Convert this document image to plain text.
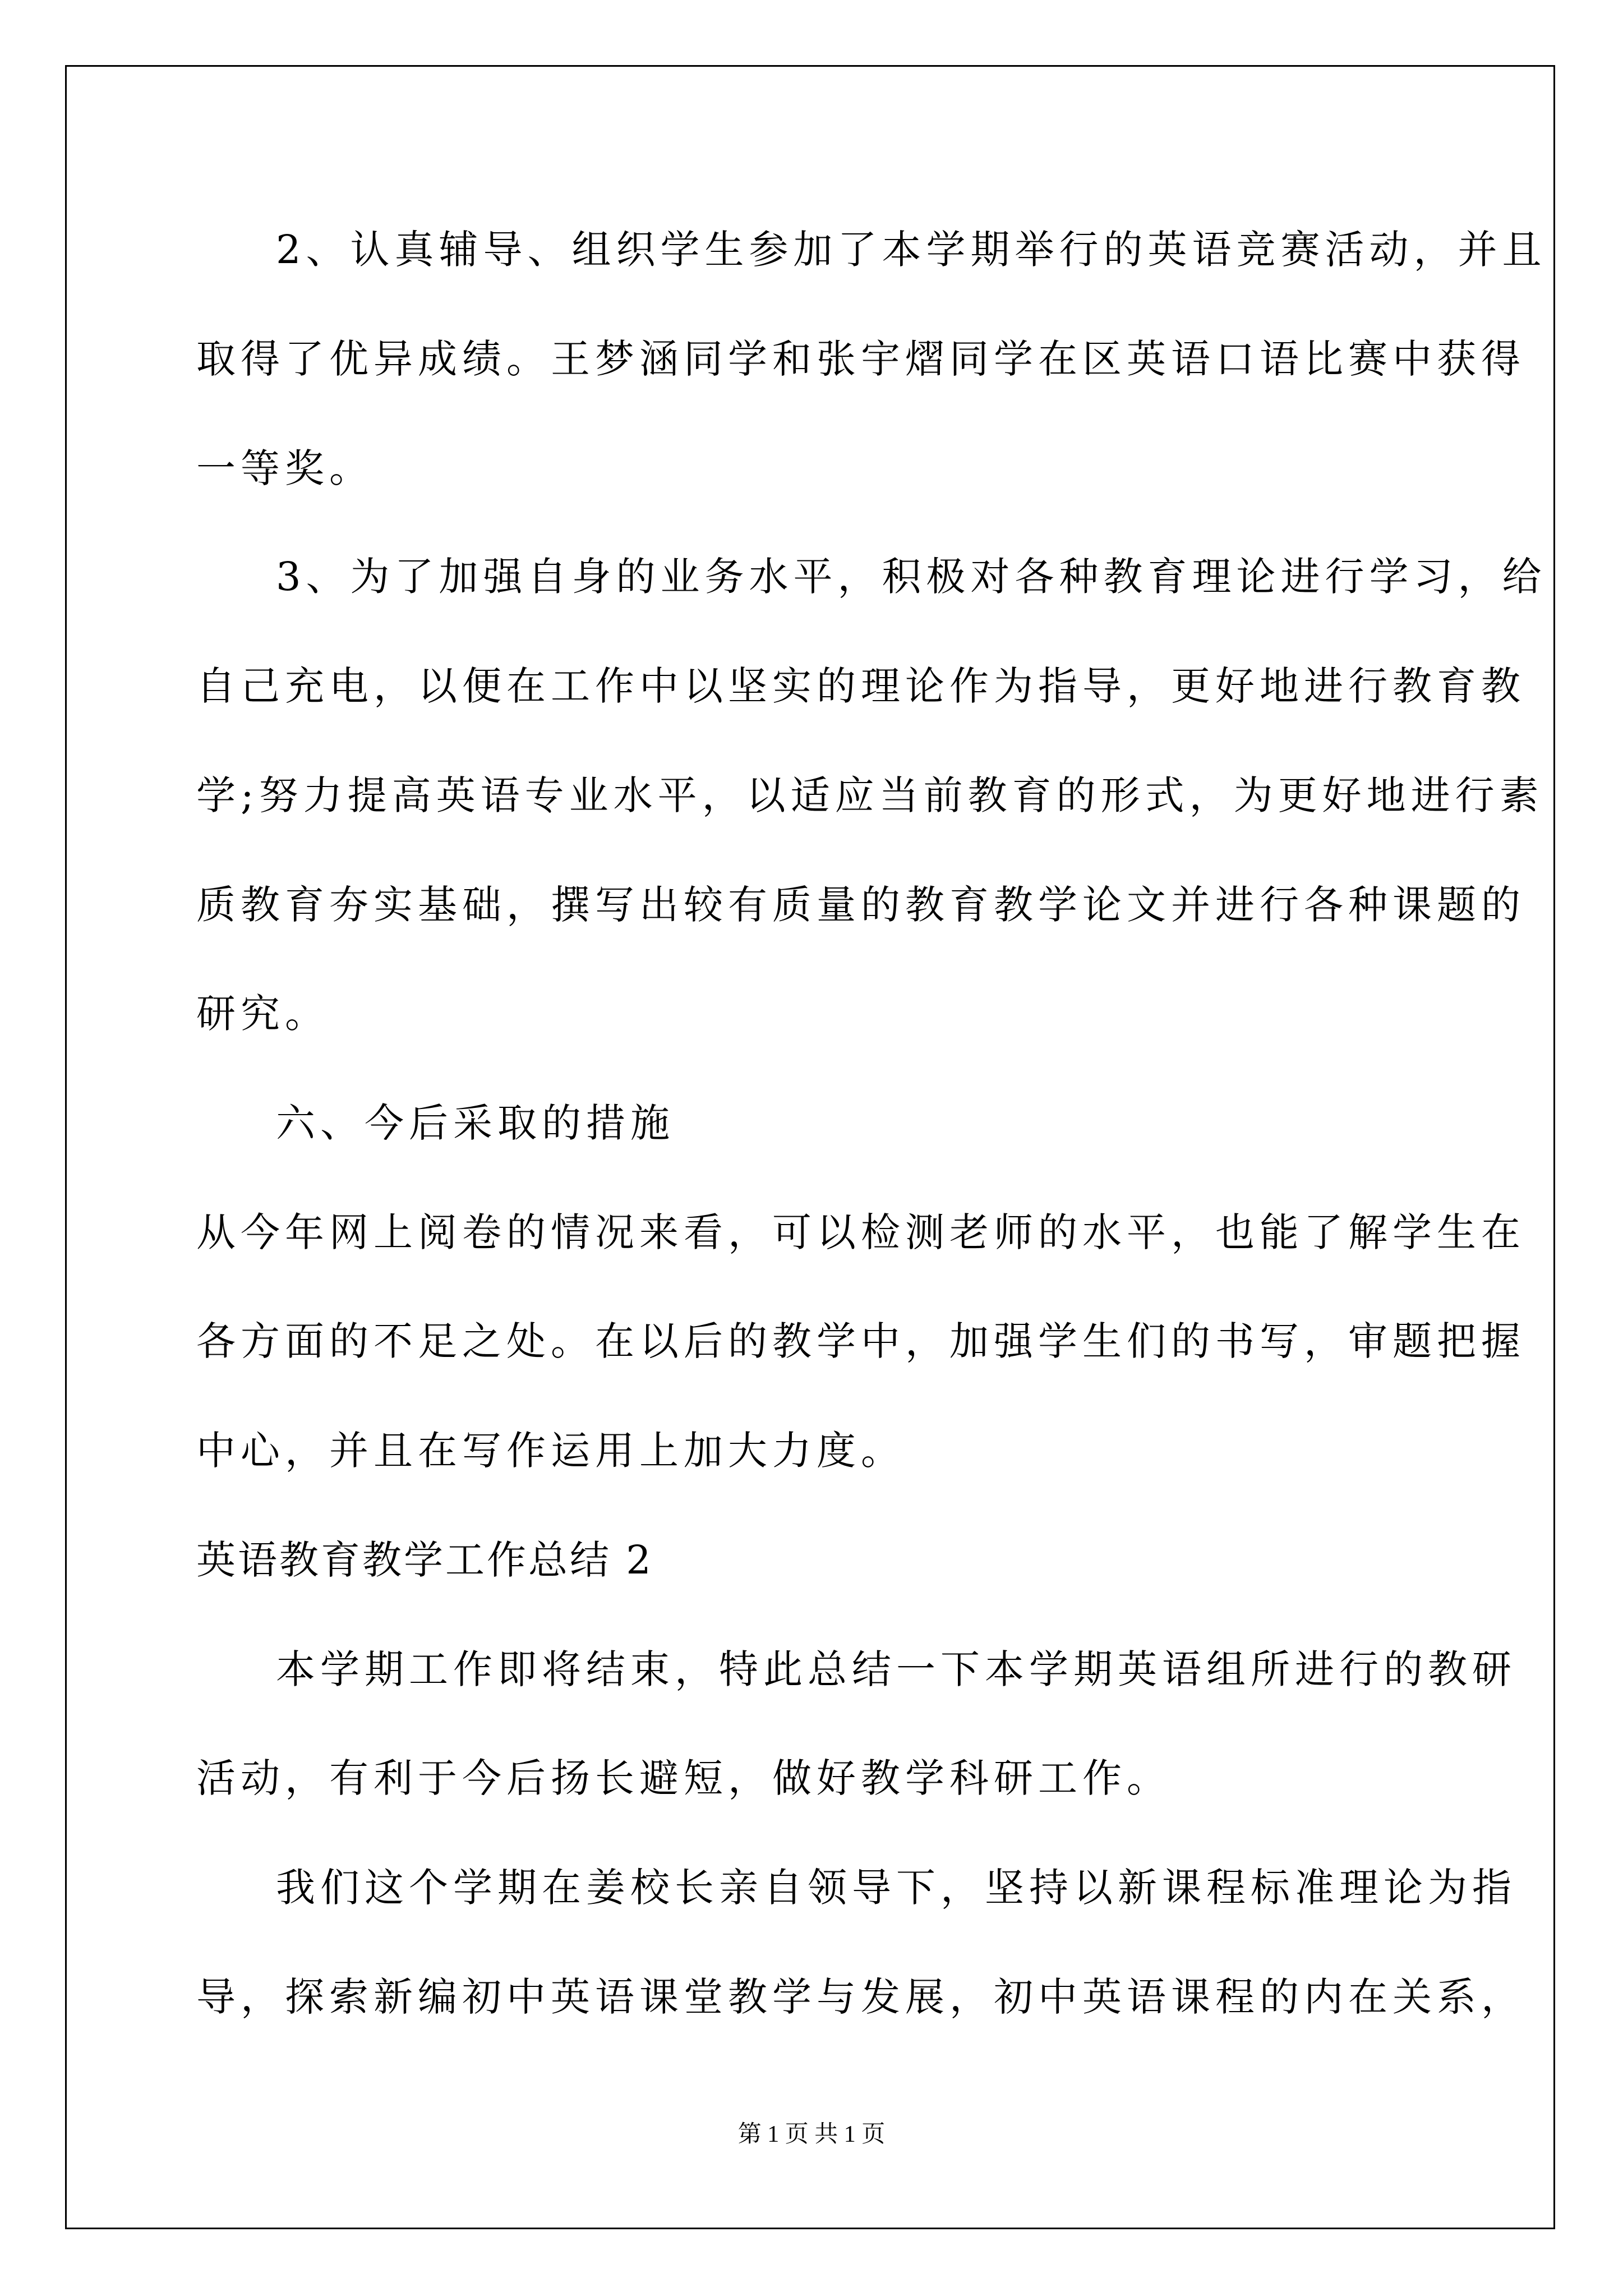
2、认真辅导、组织学生参加了本学期举行的英语竞赛活动，并且
取得了优异成绩。王梦涵同学和张宇熠同学在区英语口语比赛中获得
一等奖。
3、为了加强自身的业务水平，积极对各种教育理论进行学习，给
自己充电，以便在工作中以坚实的理论作为指导，更好地进行教育教
学;努力提高英语专业水平，以适应当前教育的形式，为更好地进行素
质教育夯实基础，撰写出较有质量的教育教学论文并进行各种课题的
研究。
六、今后采取的措施
从今年网上阅卷的情况来看，可以检测老师的水平，也能了解学生在
各方面的不足之处。在以后的教学中，加强学生们的书写，审题把握
中心，并且在写作运用上加大力度。
英语教育教学工作总结 2
本学期工作即将结束，特此总结一下本学期英语组所进行的教研
活动，有利于今后扬长避短，做好教学科研工作。
我们这个学期在姜校长亲自领导下，坚持以新课程标准理论为指
导，探索新编初中英语课堂教学与发展，初中英语课程的内在关系，
第 1 页 共 1 页
